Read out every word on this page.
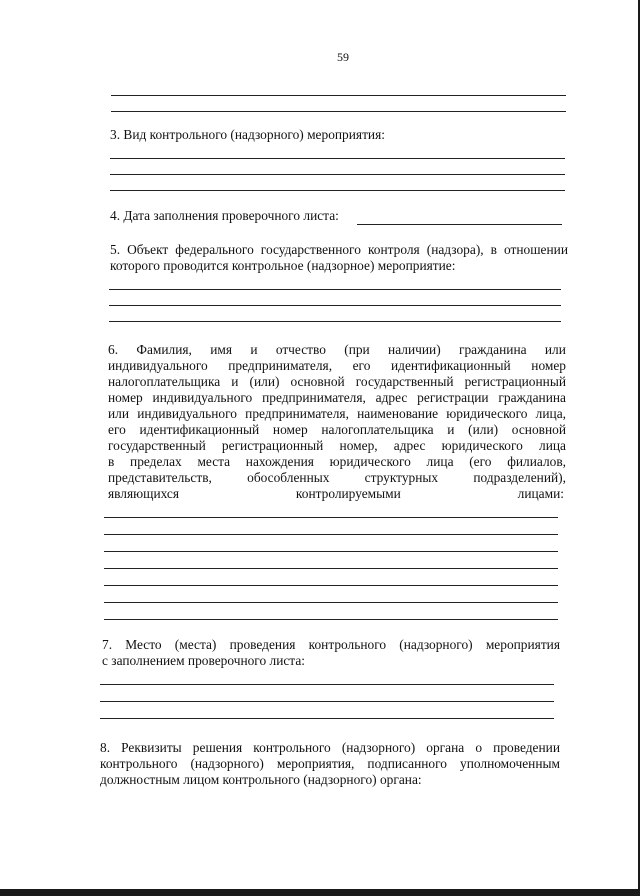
59
3. Вид контрольного (надзорного) мероприятия:
4. Дата заполнения проверочного листа:
5. Объект федерального государственного контроля (надзора), в отношении
которого проводится контрольное (надзорное) мероприятие:
6. Фамилия, имя и отчество (при наличии) гражданина или
индивидуального предпринимателя, его идентификационный номер
налогоплательщика и (или) основной государственный регистрационный
номер индивидуального предпринимателя, адрес регистрации гражданина
или индивидуального предпринимателя, наименование юридического лица,
его идентификационный номер налогоплательщика и (или) основной
государственный регистрационный номер, адрес юридического лица
в пределах места нахождения юридического лица (его филиалов,
представительств, обособленных структурных подразделений),
являющихся	контролируемыми	лицами:
7. Место (места) проведения контрольного (надзорного) мероприятия
с заполнением проверочного листа:
8. Реквизиты решения контрольного (надзорного) органа о проведении
контрольного (надзорного) мероприятия, подписанного уполномоченным
должностным лицом контрольного (надзорного) органа:
